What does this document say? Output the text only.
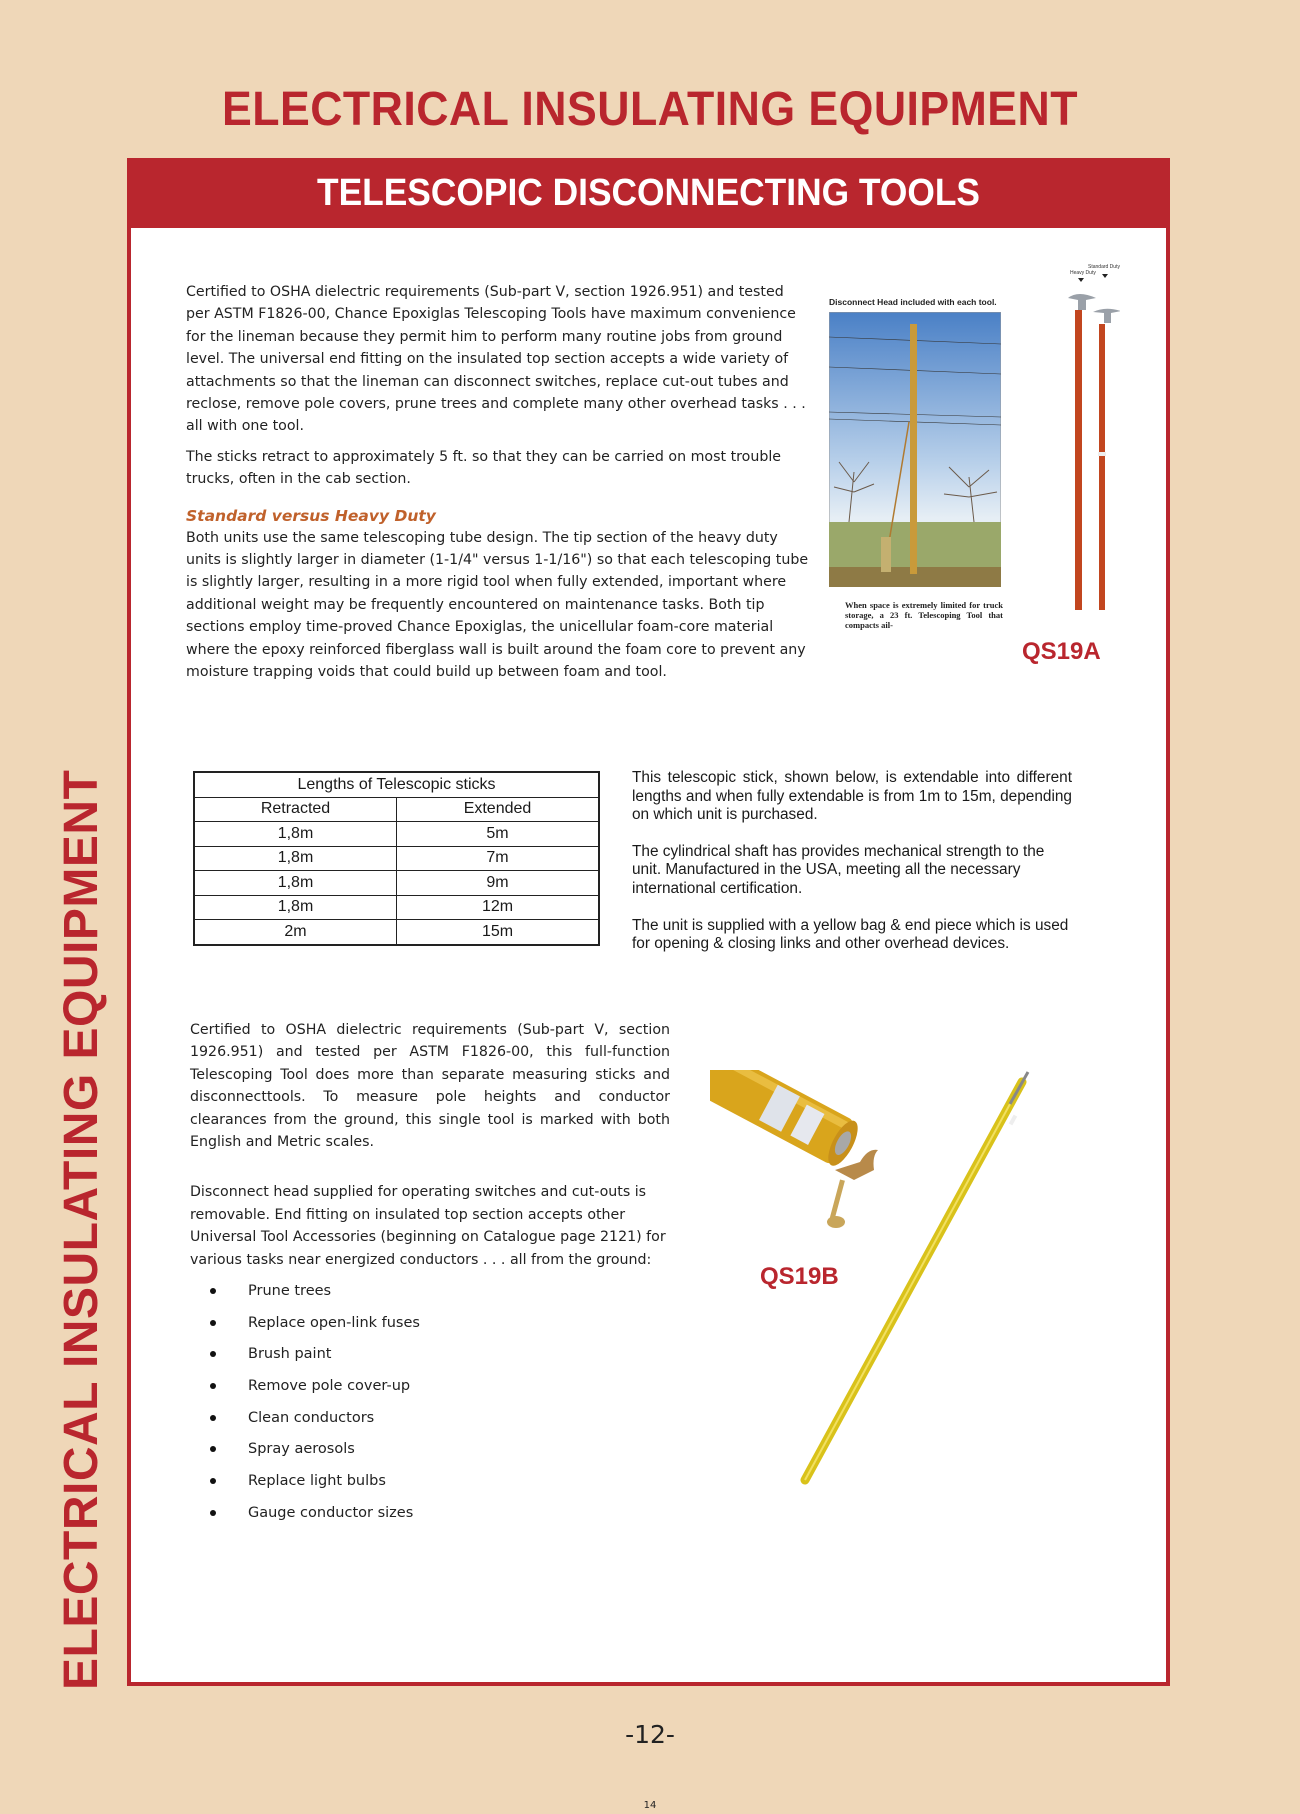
ELECTRICAL INSULATING EQUIPMENT
TELESCOPIC DISCONNECTING TOOLS
ELECTRICAL INSULATING EQUIPMENT

Certified to OSHA dielectric requirements (Sub-part V, section 1926.951) and tested per ASTM F1826-00, Chance Epoxiglas Telescoping Tools have maximum convenience for the lineman because they permit him to perform many routine jobs from ground level. The universal end fitting on the insulated top section accepts a wide variety of attachments so that the lineman can disconnect switches, replace cut-out tubes and reclose, remove pole covers, prune trees and complete many other overhead tasks . . . all with one tool.

The sticks retract to approximately 5 ft. so that they can be carried on most trouble trucks, often in the cab section.

Standard versus Heavy Duty

Both units use the same telescoping tube design. The tip section of the heavy duty units is slightly larger in diameter (1-1/4" versus 1-1/16") so that each telescoping tube is slightly larger, resulting in a more rigid tool when fully extended, important where additional weight may be frequently encountered on maintenance tasks. Both tip sections employ time-proved Chance Epoxiglas, the unicellular foam-core material where the epoxy reinforced fiberglass wall is built around the foam core to prevent any moisture trapping voids that could build up between foam and tool.

Disconnect Head included with each tool.
When space is extremely limited for truck storage, a 23 ft. Telescoping Tool that compacts ail-
Standard Duty
Heavy Duty
QS19A
Lengths of Telescopic sticks	
Retracted	Extended
1,8m	5m
1,8m	7m
1,8m	9m
1,8m	12m
2m	15m

This telescopic stick, shown below, is extendable into different lengths and when fully extendable is from 1m to 15m, depending on which unit is purchased.

The cylindrical shaft has provides mechanical strength to the unit. Manufactured in the USA, meeting all the necessary international certification.

The unit is supplied with a yellow bag & end piece which is used for opening & closing links and other overhead devices.

Certified to OSHA dielectric requirements (Sub-part V, section 1926.951) and tested per ASTM F1826-00, this full-function Telescoping Tool does more than separate measuring sticks and disconnecttools. To measure pole heights and conductor clearances from the ground, this single tool is marked with both English and Metric scales.

Disconnect head supplied for operating switches and cut-outs is removable. End fitting on insulated top section accepts other Universal Tool Accessories (beginning on Catalogue page 2121) for various tasks near energized conductors . . . all from the ground:

Prune trees
Replace open-link fuses
Brush paint
Remove pole cover-up
Clean conductors
Spray aerosols
Replace light bulbs
Gauge conductor sizes
QS19B
-12-
14
